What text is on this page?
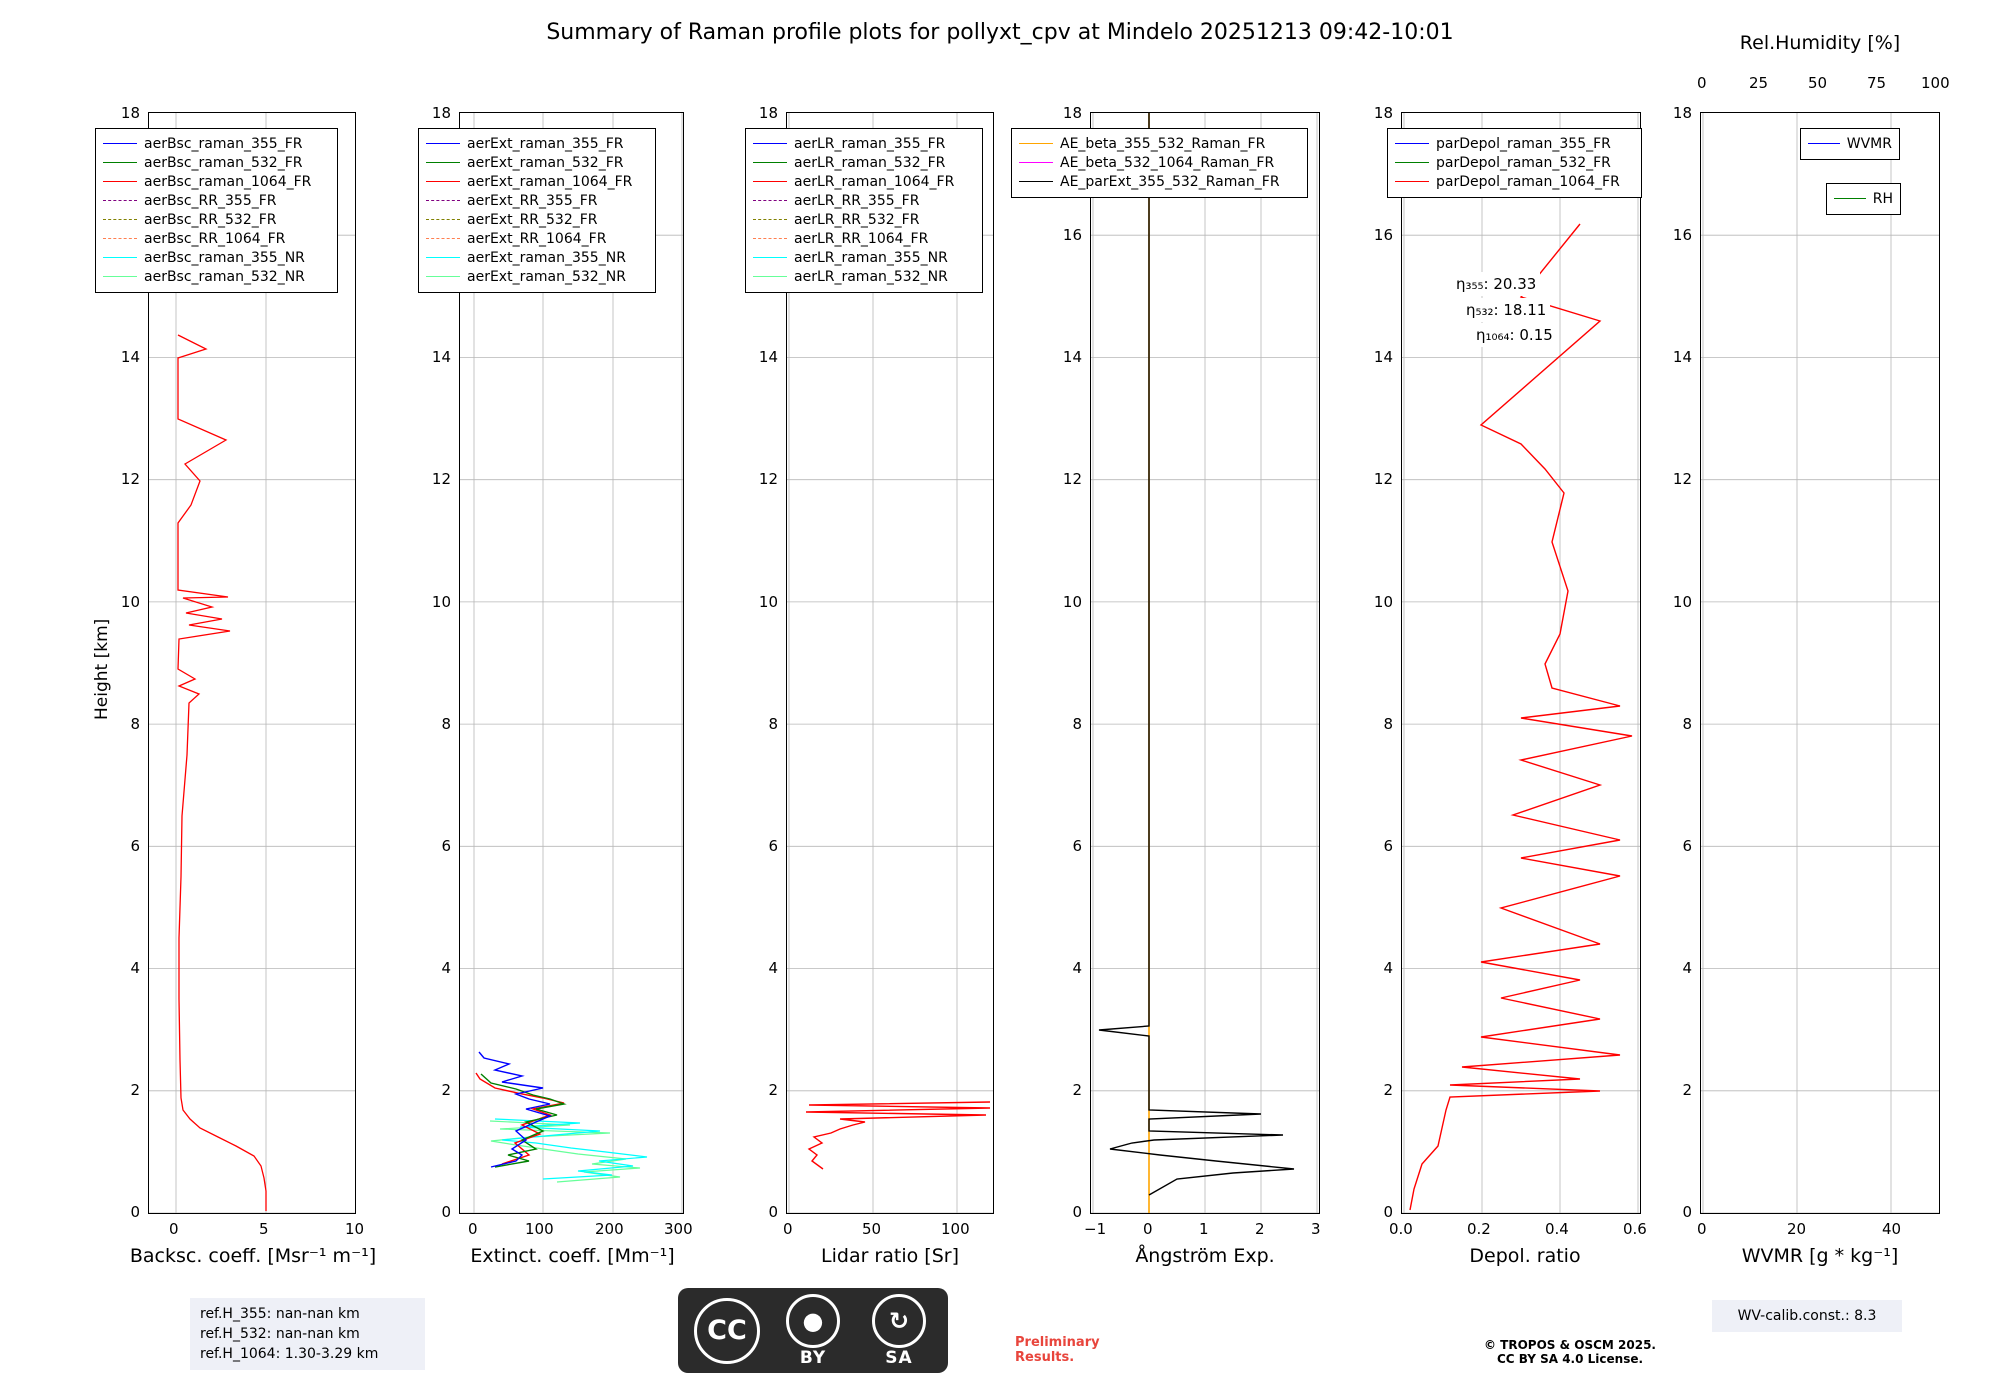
Summary of Raman profile plots for pollyxt_cpv at Mindelo 20251213 09:42-10:01
Height [km]
18
14
12
10
8
6
4
2
0
0	5	10
Backsc. coeff. [Msr⁻¹ m⁻¹]
aerBsc_raman_355_FR
aerBsc_raman_532_FR
aerBsc_raman_1064_FR
aerBsc_RR_355_FR
aerBsc_RR_532_FR
aerBsc_RR_1064_FR
aerBsc_raman_355_NR
aerBsc_raman_532_NR
18
14
12
10
8
6
4
2
0
0	100	200	300
Extinct. coeff. [Mm⁻¹]
aerExt_raman_355_FR
aerExt_raman_532_FR
aerExt_raman_1064_FR
aerExt_RR_355_FR
aerExt_RR_532_FR
aerExt_RR_1064_FR
aerExt_raman_355_NR
aerExt_raman_532_NR
18
14
12
10
8
6
4
2
0
0	50	100
Lidar ratio [Sr]
aerLR_raman_355_FR
aerLR_raman_532_FR
aerLR_raman_1064_FR
aerLR_RR_355_FR
aerLR_RR_532_FR
aerLR_RR_1064_FR
aerLR_raman_355_NR
aerLR_raman_532_NR
18
16
14
12
10
8
6
4
2
0
−1 0	1	2	3
Ångström Exp.
AE_beta_355_532_Raman_FR
AE_beta_532_1064_Raman_FR
AE_parExt_355_532_Raman_FR
18
16
14
12
10
8
6
4
2
0
0.0	0.2	0.4	0.6
Depol. ratio
parDepol_raman_355_FR
parDepol_raman_532_FR
parDepol_raman_1064_FR
η₃₅₅: 20.33
η₅₃₂: 18.11
η₁₀₆₄: 0.15
Rel.Humidity [%]
0	25	50	75 100
18
16
14
12
10
8
6
4
2
0
0	20	40
WVMR [g * kg⁻¹]
WVMR
RH
ref.H_355: nan-nan km
ref.H_532: nan-nan km
ref.H_1064: 1.30-3.29 km
WV-calib.const.: 8.3
CC	●
BY
↻
SA
Preliminary
Results.
© TROPOS & OSCM 2025.
CC BY SA 4.0 License.
